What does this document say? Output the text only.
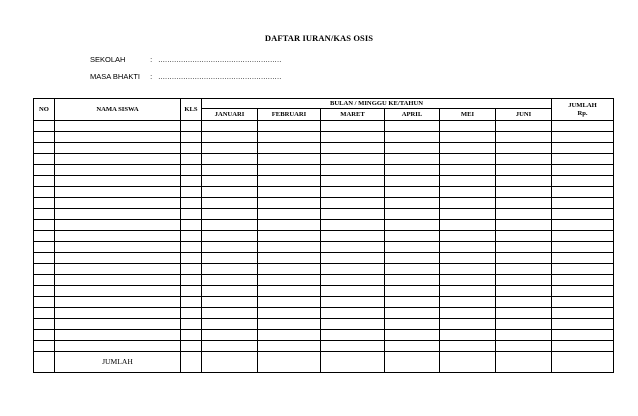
DAFTAR IURAN/KAS OSIS
SEKOLAH	: ......................................................
MASA BHAKTI : ......................................................
NO	NAMA SISWA	KLS	BULAN / MINGGU KE/TAHUN						JUMLAH
Rp.
			JANUARI	FEBRUARI	MARET	APRIL	MEI	JUNI	

	JUMLAH								
